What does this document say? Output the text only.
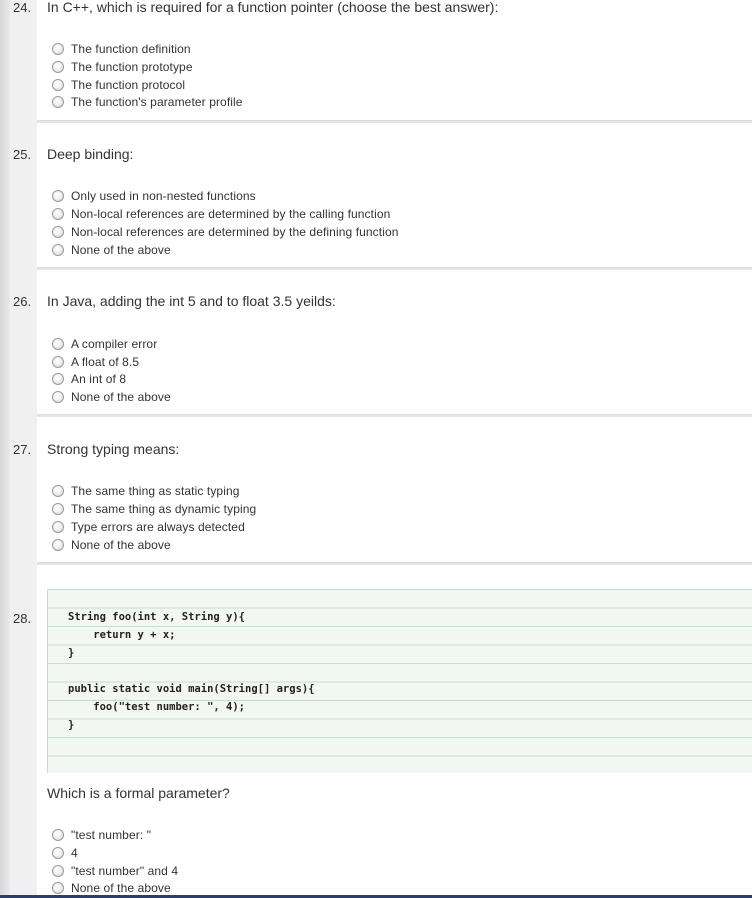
24. In C++, which is required for a function pointer (choose the best answer):
The function definition
The function prototype
The function protocol
The function's parameter profile
25. Deep binding:
Only used in non-nested functions
Non-local references are determined by the calling function
Non-local references are determined by the defining function
None of the above
26. In Java, adding the int 5 and to float 3.5 yeilds:
A compiler error
A float of 8.5
An int of 8
None of the above
27. Strong typing means:
The same thing as static typing
The same thing as dynamic typing
Type errors are always detected
None of the above
28.	String foo(int x, String y){
return y + x;
}
public static void main(String[] args){
foo("test number: ", 4);
}
Which is a formal parameter?
"test number: "
4
"test number" and 4
None of the above
